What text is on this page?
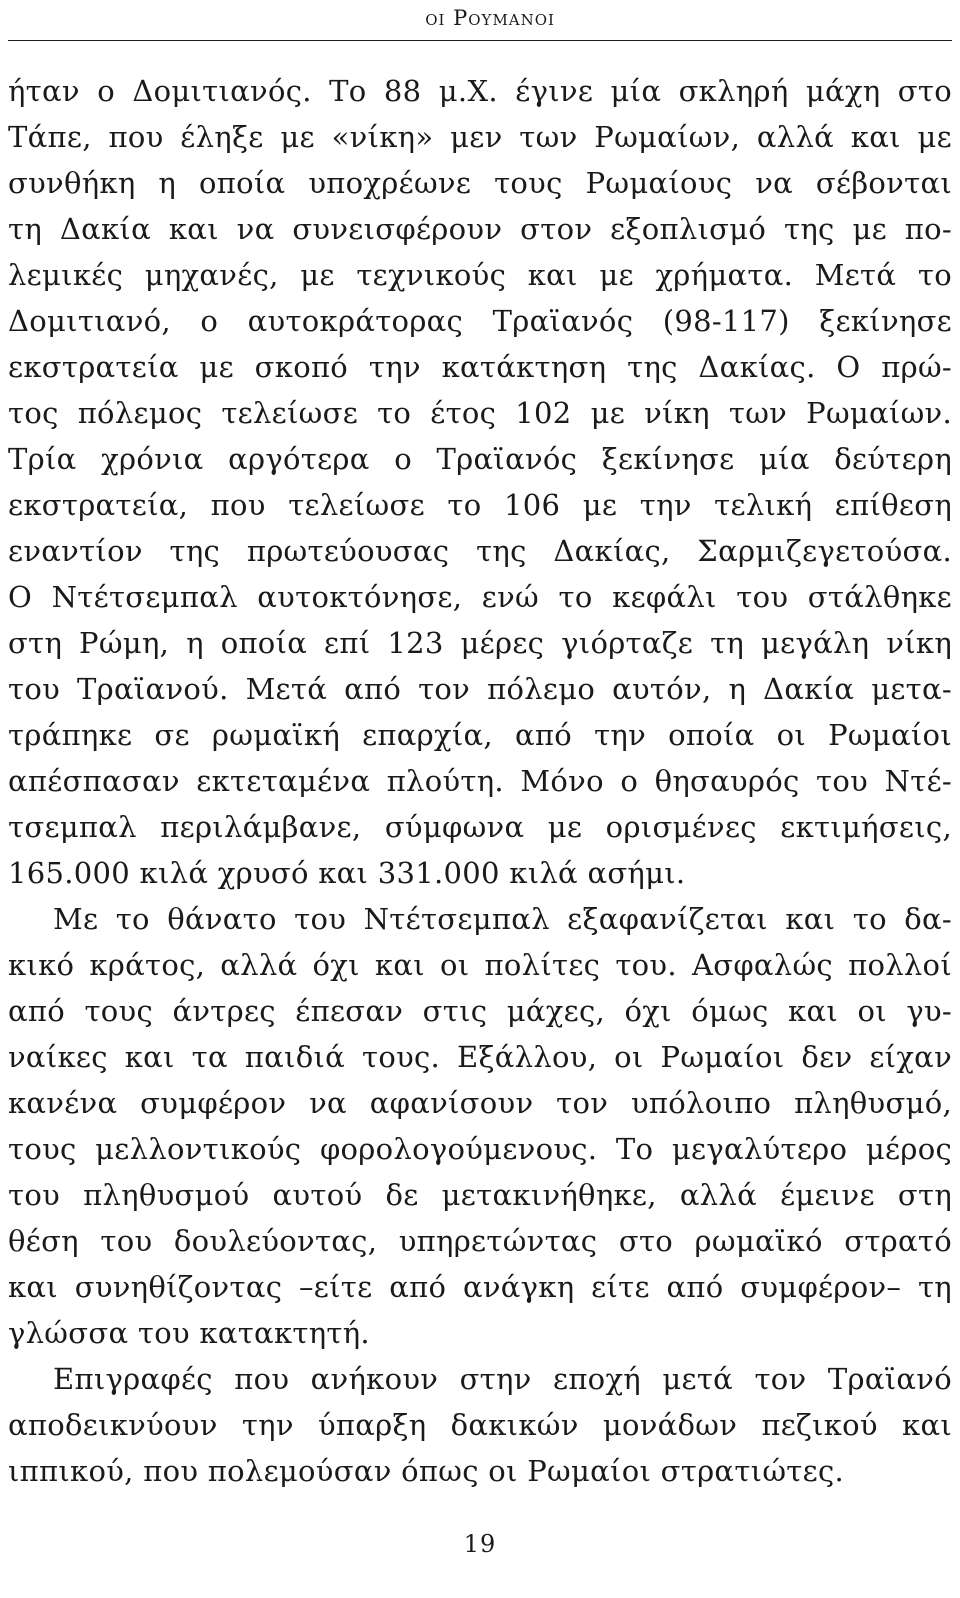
οι Ρουμανοι
ήταν ο Δομιτιανός. Το 88 μ.Χ. έγινε μία σκληρή μάχη στο
Τάπε, που έληξε με «νίκη» μεν των Ρωμαίων, αλλά και με
συνθήκη η οποία υποχρέωνε τους Ρωμαίους να σέβονται
τη Δακία και να συνεισφέρουν στον εξοπλισμό της με πο-
λεμικές μηχανές, με τεχνικούς και με χρήματα. Μετά το
Δομιτιανό, ο αυτοκράτορας Τραϊανός (98-117) ξεκίνησε
εκστρατεία με σκοπό την κατάκτηση της Δακίας. Ο πρώ-
τος πόλεμος τελείωσε το έτος 102 με νίκη των Ρωμαίων.
Τρία χρόνια αργότερα ο Τραϊανός ξεκίνησε μία δεύτερη
εκστρατεία, που τελείωσε το 106 με την τελική επίθεση
εναντίον της πρωτεύουσας της Δακίας, Σαρμιζεγετούσα.
Ο Ντέτσεμπαλ αυτοκτόνησε, ενώ το κεφάλι του στάλθηκε
στη Ρώμη, η οποία επί 123 μέρες γιόρταζε τη μεγάλη νίκη
του Τραϊανού. Μετά από τον πόλεμο αυτόν, η Δακία μετα-
τράπηκε σε ρωμαϊκή επαρχία, από την οποία οι Ρωμαίοι
απέσπασαν εκτεταμένα πλούτη. Μόνο ο θησαυρός του Ντέ-
τσεμπαλ περιλάμβανε, σύμφωνα με ορισμένες εκτιμήσεις,
165.000 κιλά χρυσό και 331.000 κιλά ασήμι.
Με το θάνατο του Ντέτσεμπαλ εξαφανίζεται και το δα-
κικό κράτος, αλλά όχι και οι πολίτες του. Ασφαλώς πολλοί
από τους άντρες έπεσαν στις μάχες, όχι όμως και οι γυ-
ναίκες και τα παιδιά τους. Εξάλλου, οι Ρωμαίοι δεν είχαν
κανένα συμφέρον να αφανίσουν τον υπόλοιπο πληθυσμό,
τους μελλοντικούς φορολογούμενους. Το μεγαλύτερο μέρος
του πληθυσμού αυτού δε μετακινήθηκε, αλλά έμεινε στη
θέση του δουλεύοντας, υπηρετώντας στο ρωμαϊκό στρατό
και συνηθίζοντας –είτε από ανάγκη είτε από συμφέρον– τη
γλώσσα του κατακτητή.
Επιγραφές που ανήκουν στην εποχή μετά τον Τραϊανό
αποδεικνύουν την ύπαρξη δακικών μονάδων πεζικού και
ιππικού, που πολεμούσαν όπως οι Ρωμαίοι στρατιώτες.
19
